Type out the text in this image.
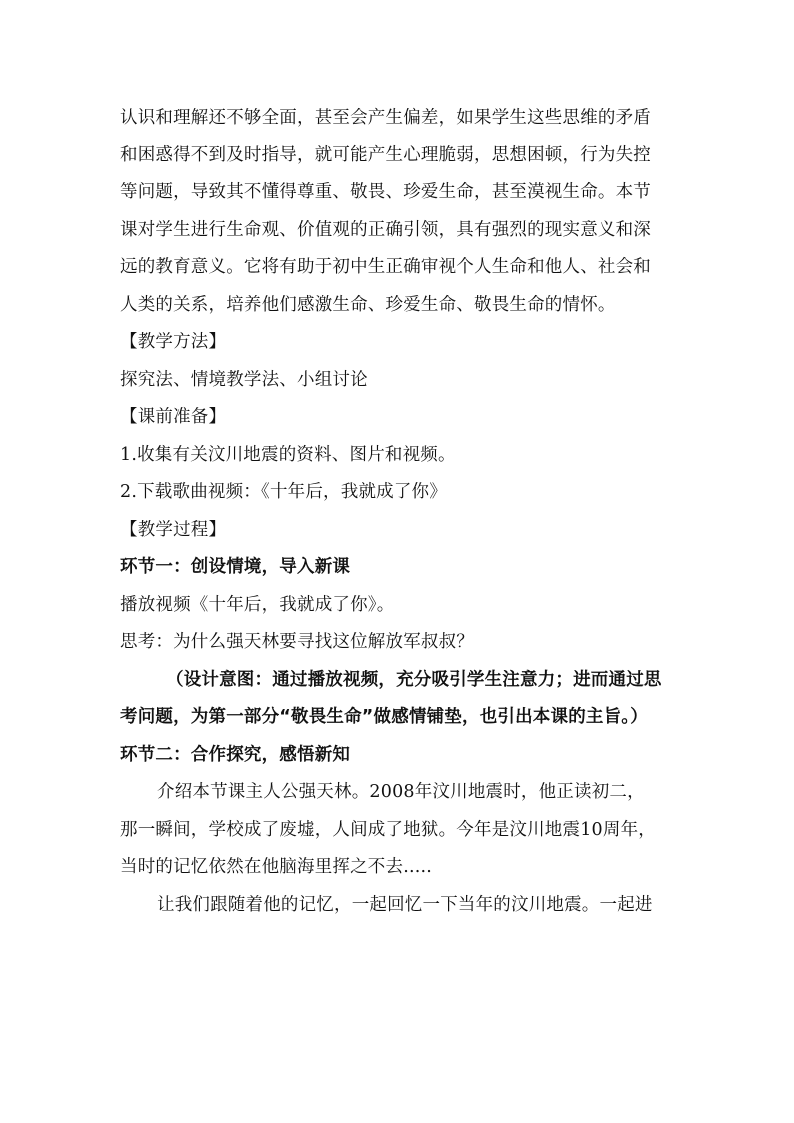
认识和理解还不够全面，甚至会产生偏差，如果学生这些思维的矛盾
和困惑得不到及时指导，就可能产生心理脆弱，思想困顿，行为失控
等问题，导致其不懂得尊重、敬畏、珍爱生命，甚至漠视生命。本节
课对学生进行生命观、价值观的正确引领，具有强烈的现实意义和深
远的教育意义。它将有助于初中生正确审视个人生命和他人、社会和
人类的关系，培养他们感激生命、珍爱生命、敬畏生命的情怀。
【教学方法】
探究法、情境教学法、小组讨论
【课前准备】
1.收集有关汶川地震的资料、图片和视频。
2.下载歌曲视频：《十年后，我就成了你》
【教学过程】
环节一：创设情境，导入新课
播放视频《十年后，我就成了你》。
思考：为什么强天林要寻找这位解放军叔叔？
（设计意图：通过播放视频，充分吸引学生注意力；进而通过思
考问题，为第一部分“敬畏生命”做感情铺垫，也引出本课的主旨。）
环节二：合作探究，感悟新知
介绍本节课主人公强天林。2008年汶川地震时，他正读初二，
那一瞬间，学校成了废墟，人间成了地狱。今年是汶川地震10周年，
当时的记忆依然在他脑海里挥之不去.....
让我们跟随着他的记忆，一起回忆一下当年的汶川地震。一起进
